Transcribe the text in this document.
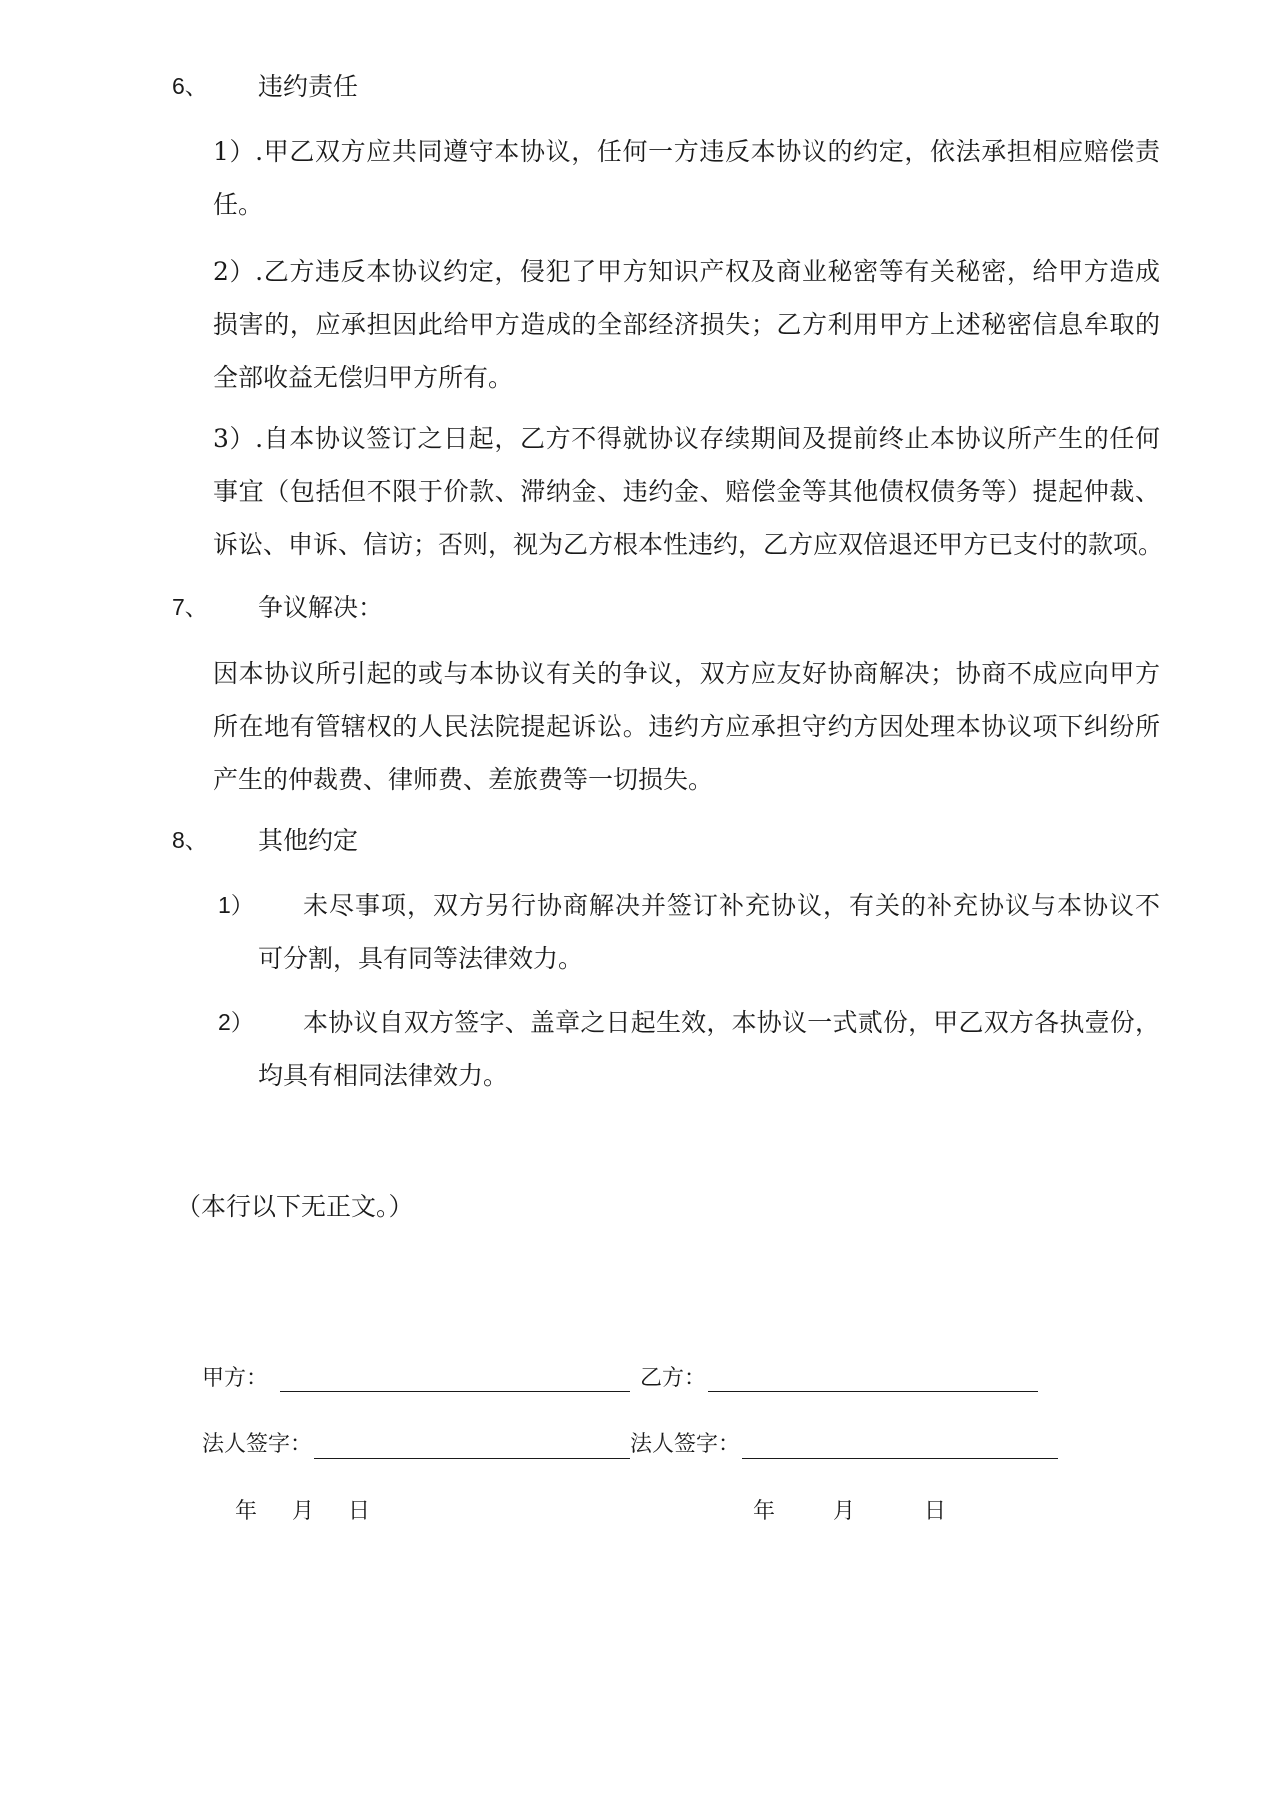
6、 违约责任
1）.甲乙双方应共同遵守本协议，任何一方违反本协议的约定，依法承担相应赔偿责
任。
2）.乙方违反本协议约定，侵犯了甲方知识产权及商业秘密等有关秘密，给甲方造成
损害的，应承担因此给甲方造成的全部经济损失；乙方利用甲方上述秘密信息牟取的
全部收益无偿归甲方所有。
3）.自本协议签订之日起，乙方不得就协议存续期间及提前终止本协议所产生的任何
事宜（包括但不限于价款、滞纳金、违约金、赔偿金等其他债权债务等）提起仲裁、
诉讼、申诉、信访；否则，视为乙方根本性违约，乙方应双倍退还甲方已支付的款项。
7、 争议解决：
因本协议所引起的或与本协议有关的争议，双方应友好协商解决；协商不成应向甲方
所在地有管辖权的人民法院提起诉讼。违约方应承担守约方因处理本协议项下纠纷所
产生的仲裁费、律师费、差旅费等一切损失。
8、 其他约定
1）	未尽事项，双方另行协商解决并签订补充协议，有关的补充协议与本协议不
可分割，具有同等法律效力。
2）	本协议自双方签字、盖章之日起生效，本协议一式贰份，甲乙双方各执壹份，
均具有相同法律效力。
（本行以下无正文。）
甲方：	乙方：
法人签字：	法人签字：
年 月 日	年	月	日
